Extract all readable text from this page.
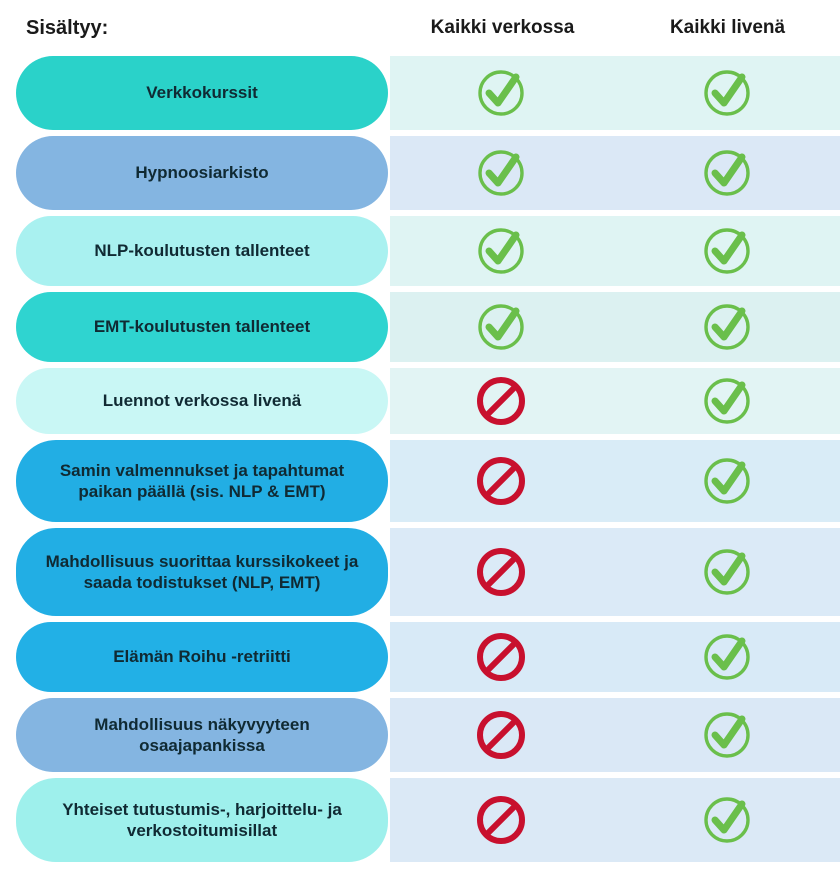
Sisältyy:	Kaikki verkossa	Kaikki livenä
Verkkokurssit
Hypnoosiarkisto
NLP-koulutusten tallenteet
EMT-koulutusten tallenteet
Luennot verkossa livenä
Samin valmennukset ja tapahtumat paikan päällä (sis. NLP & EMT)
Mahdollisuus suorittaa kurssikokeet ja saada todistukset (NLP, EMT)
Elämän Roihu -retriitti
Mahdollisuus näkyvyyteen osaajapankissa
Yhteiset tutustumis-, harjoittelu- ja verkostoitumisillat
